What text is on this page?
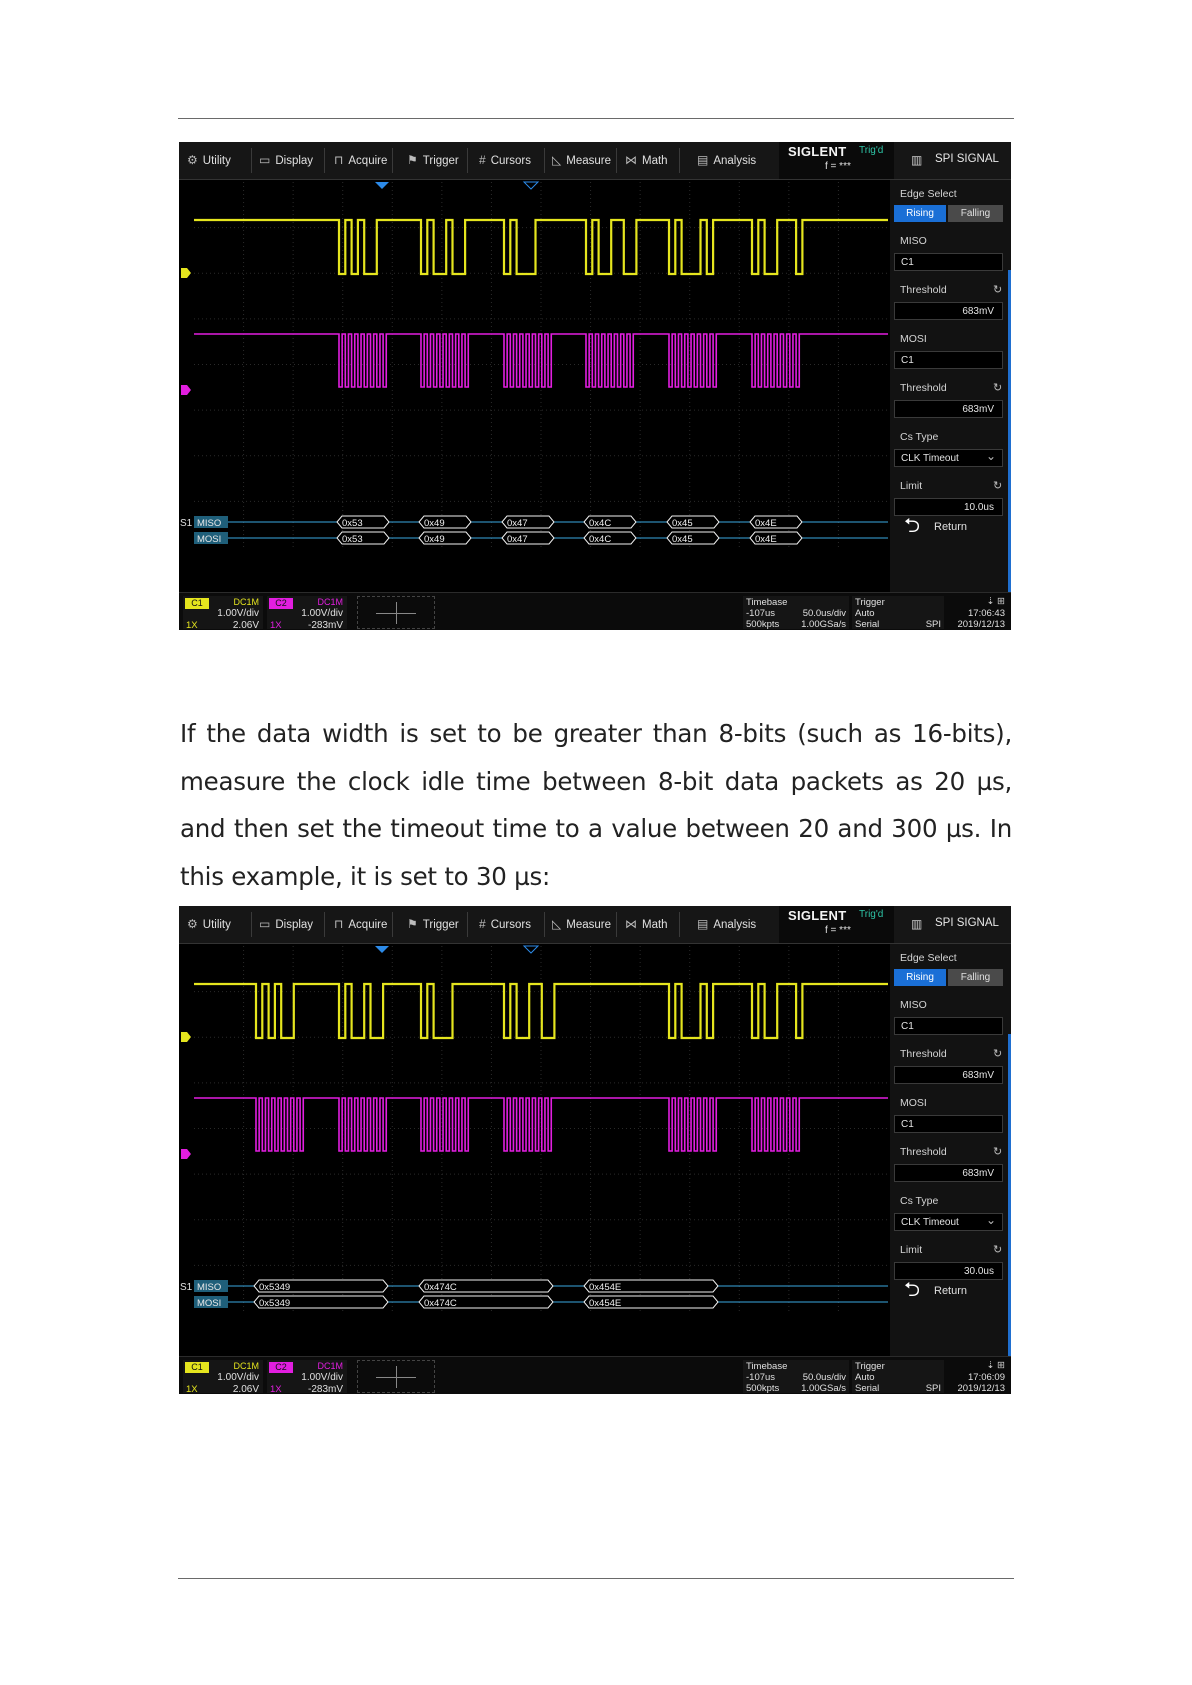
⚙ Utility ▭ Display ⊓ Acquire ⚑ Trigger # Cursors ◺ Measure ⋈ Math ▤ Analysis
SIGLENT Trig'd
f = ***	▥ SPI SIGNAL
S1 MISO	0x53	0x49	0x47	0x4C	0x45	0x4E
MOSI	0x53	0x49	0x47	0x4C	0x45	0x4E
Edge Select
Rising	Falling
MISO
C1
Threshold	↻
683mV
MOSI
C1
Threshold	↻
683mV
Cs Type
CLK Timeout ⌄
Limit	↻
10.0us
⮌ Return
C1	DC1M
1.00V/div
1X	2.06V
C2	DC1M
1.00V/div
1X	-283mV
Timebase
-107us	50.0us/div
500kpts 1.00GSa/s
Trigger
Auto
Serial	SPI
⇣ ⊞
17:06:43
2019/12/13

If the data width is set to be greater than 8-bits (such as 16-bits), measure the clock idle time between 8-bit data packets as 20 µs, and then set the timeout time to a value between 20 and 300 µs. In this example, it is set to 30 µs:

⚙ Utility ▭ Display ⊓ Acquire ⚑ Trigger # Cursors ◺ Measure ⋈ Math ▤ Analysis
SIGLENT Trig'd
f = ***	▥ SPI SIGNAL
S1 MISO	0x5349	0x474C	0x454E
MOSI	0x5349	0x474C	0x454E
Edge Select
Rising	Falling
MISO
C1
Threshold	↻
683mV
MOSI
C1
Threshold	↻
683mV
Cs Type
CLK Timeout ⌄
Limit	↻
30.0us
⮌ Return
C1	DC1M
1.00V/div
1X	2.06V
C2	DC1M
1.00V/div
1X	-283mV
Timebase
-107us	50.0us/div
500kpts 1.00GSa/s
Trigger
Auto
Serial	SPI
⇣ ⊞
17:06:09
2019/12/13
